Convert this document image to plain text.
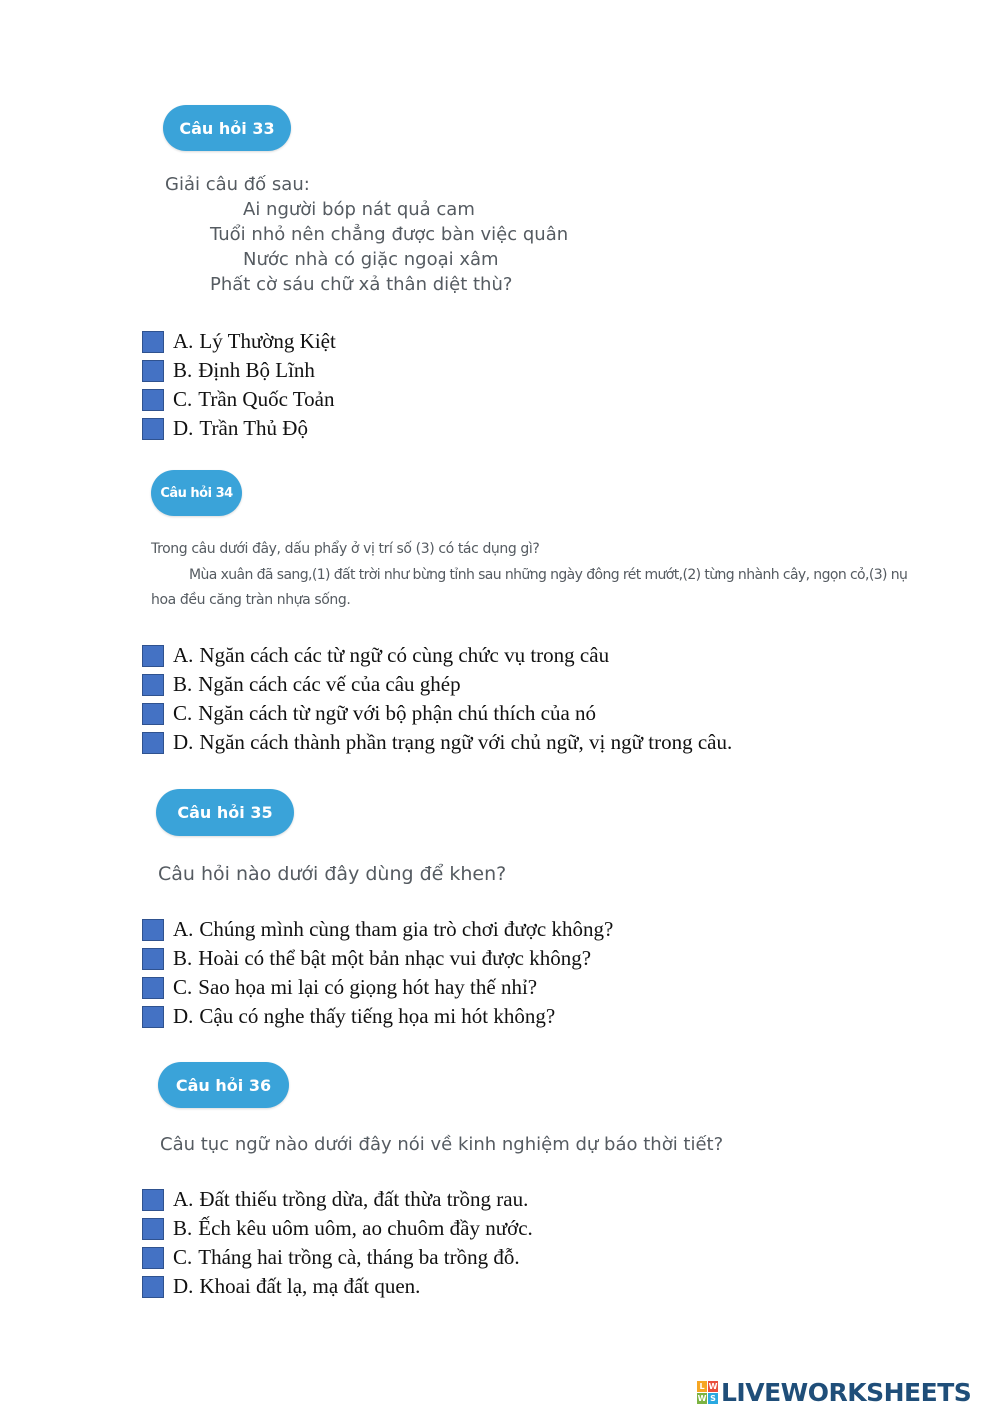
Câu hỏi 33
Giải câu đố sau:
Ai người bóp nát quả cam
Tuổi nhỏ nên chẳng được bàn việc quân
Nước nhà có giặc ngoại xâm
Phất cờ sáu chữ xả thân diệt thù?
A. Lý Thường Kiệt
B. Định Bộ Lĩnh
C. Trần Quốc Toản
D. Trần Thủ Độ
Câu hỏi 34
Trong câu dưới đây, dấu phẩy ở vị trí số (3) có tác dụng gì?
Mùa xuân đã sang,(1) đất trời như bừng tỉnh sau những ngày đông rét mướt,(2) từng nhành cây, ngọn cỏ,(3) nụ
hoa đều căng tràn nhựa sống.
A. Ngăn cách các từ ngữ có cùng chức vụ trong câu
B. Ngăn cách các vế của câu ghép
C. Ngăn cách từ ngữ với bộ phận chú thích của nó
D. Ngăn cách thành phần trạng ngữ với chủ ngữ, vị ngữ trong câu.
Câu hỏi 35
Câu hỏi nào dưới đây dùng để khen?
A. Chúng mình cùng tham gia trò chơi được không?
B. Hoài có thể bật một bản nhạc vui được không?
C. Sao họa mi lại có giọng hót hay thế nhỉ?
D. Cậu có nghe thấy tiếng họa mi hót không?
Câu hỏi 36
Câu tục ngữ nào dưới đây nói về kinh nghiệm dự báo thời tiết?
A. Đất thiếu trồng dừa, đất thừa trồng rau.
B. Ếch kêu uôm uôm, ao chuôm đầy nước.
C. Tháng hai trồng cà, tháng ba trồng đỗ.
D. Khoai đất lạ, mạ đất quen.
L W
W S LIVEWORKSHEETS
